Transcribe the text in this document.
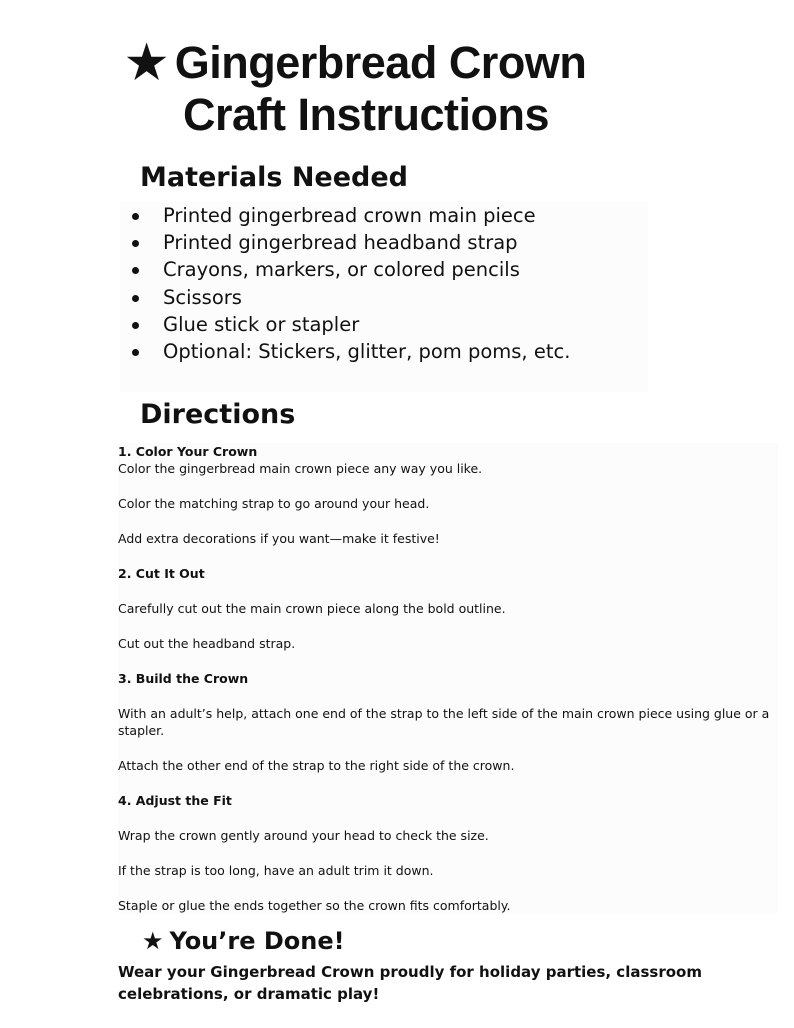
★ Gingerbread Crown
Craft Instructions
Materials Needed
Printed gingerbread crown main piece
Printed gingerbread headband strap
Crayons, markers, or colored pencils
Scissors
Glue stick or stapler
Optional: Stickers, glitter, pom poms, etc.
Directions

1. Color Your Crown

Color the gingerbread main crown piece any way you like.

Color the matching strap to go around your head.

Add extra decorations if you want—make it festive!

2. Cut It Out

Carefully cut out the main crown piece along the bold outline.

Cut out the headband strap.

3. Build the Crown

With an adult’s help, attach one end of the strap to the left side of the main crown piece using glue or a stapler.

Attach the other end of the strap to the right side of the crown.

4. Adjust the Fit

Wrap the crown gently around your head to check the size.

If the strap is too long, have an adult trim it down.

Staple or glue the ends together so the crown fits comfortably.

★ You’re Done!

Wear your Gingerbread Crown proudly for holiday parties, classroom celebrations, or dramatic play!
